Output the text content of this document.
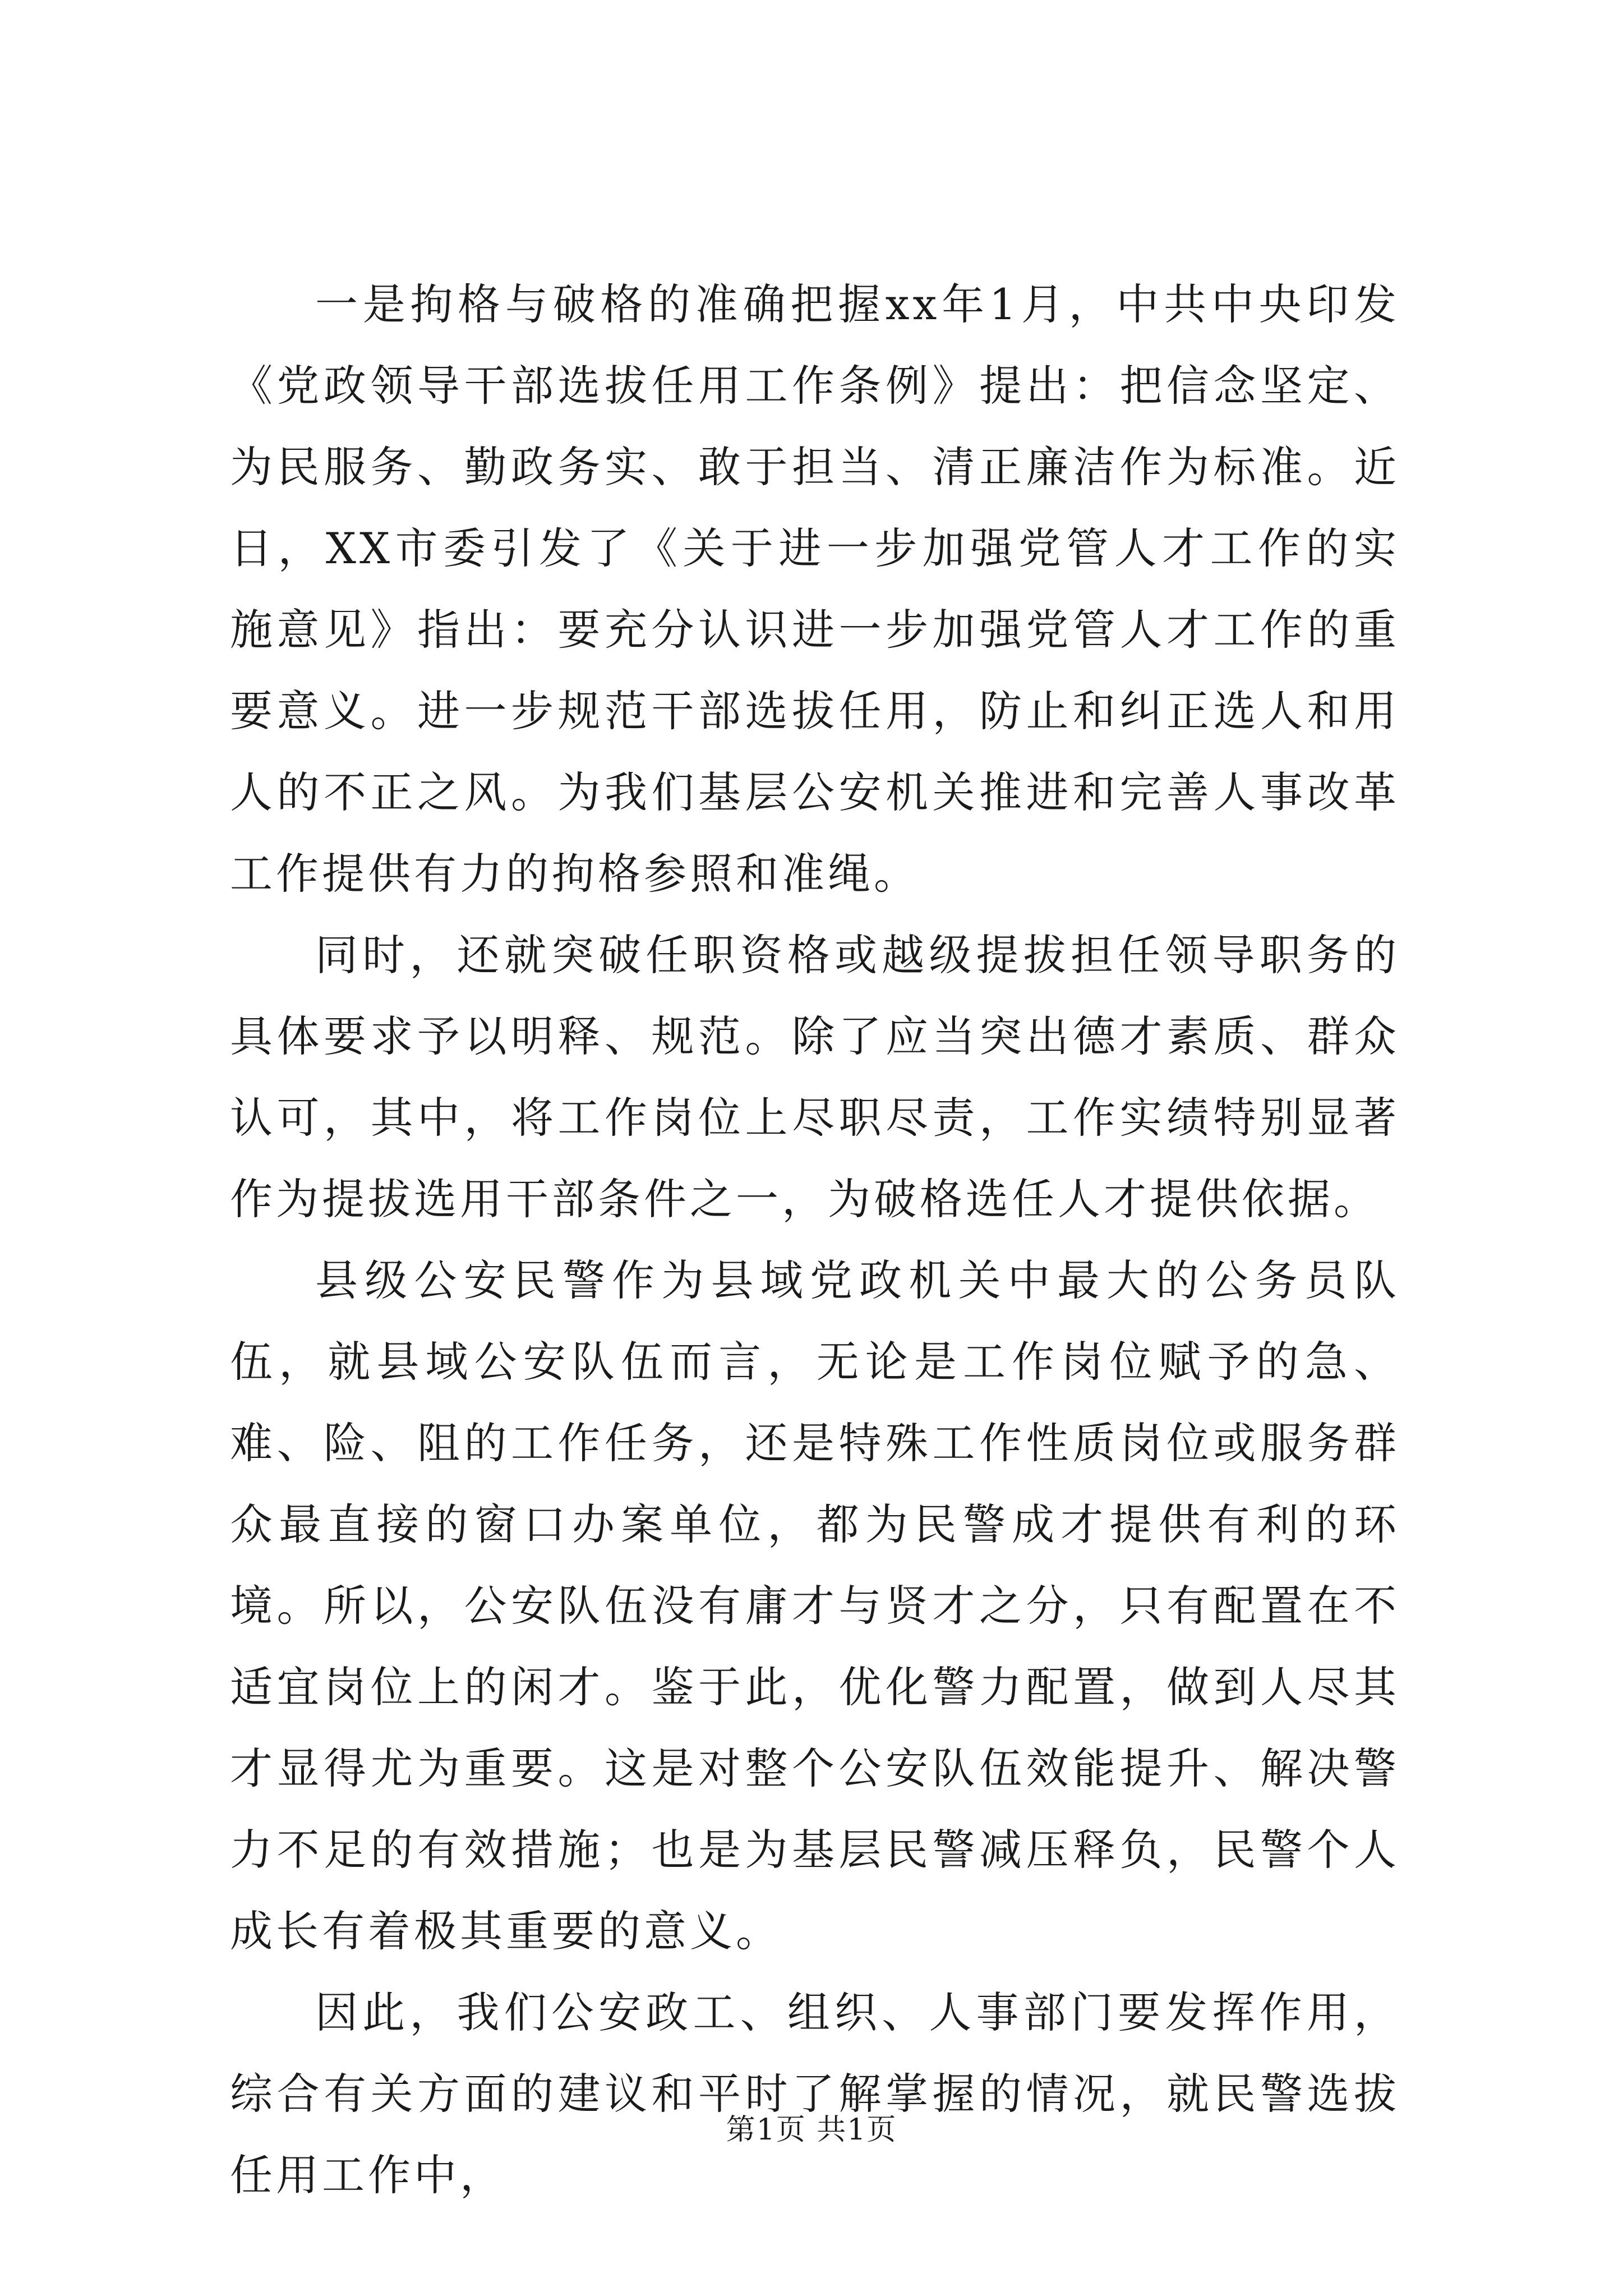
一是拘格与破格的准确把握xx年1月，中共中央印发《党政领导干部选拔任用工作条例》提出：把信念坚定、为民服务、勤政务实、敢于担当、清正廉洁作为标准。近日，XX市委引发了《关于进一步加强党管人才工作的实施意见》指出：要充分认识进一步加强党管人才工作的重要意义。进一步规范干部选拔任用，防止和纠正选人和用人的不正之风。为我们基层公安机关推进和完善人事改革工作提供有力的拘格参照和准绳。

同时，还就突破任职资格或越级提拔担任领导职务的具体要求予以明释、规范。除了应当突出德才素质、群众认可，其中，将工作岗位上尽职尽责，工作实绩特别显著作为提拔选用干部条件之一，为破格选任人才提供依据。

县级公安民警作为县域党政机关中最大的公务员队伍，就县域公安队伍而言，无论是工作岗位赋予的急、难、险、阻的工作任务，还是特殊工作性质岗位或服务群众最直接的窗口办案单位，都为民警成才提供有利的环境。所以，公安队伍没有庸才与贤才之分，只有配置在不适宜岗位上的闲才。鉴于此，优化警力配置，做到人尽其才显得尤为重要。这是对整个公安队伍效能提升、解决警力不足的有效措施；也是为基层民警减压释负，民警个人成长有着极其重要的意义。

因此，我们公安政工、组织、人事部门要发挥作用，综合有关方面的建议和平时了解掌握的情况，就民警选拔任用工作中，

第1页 共1页
